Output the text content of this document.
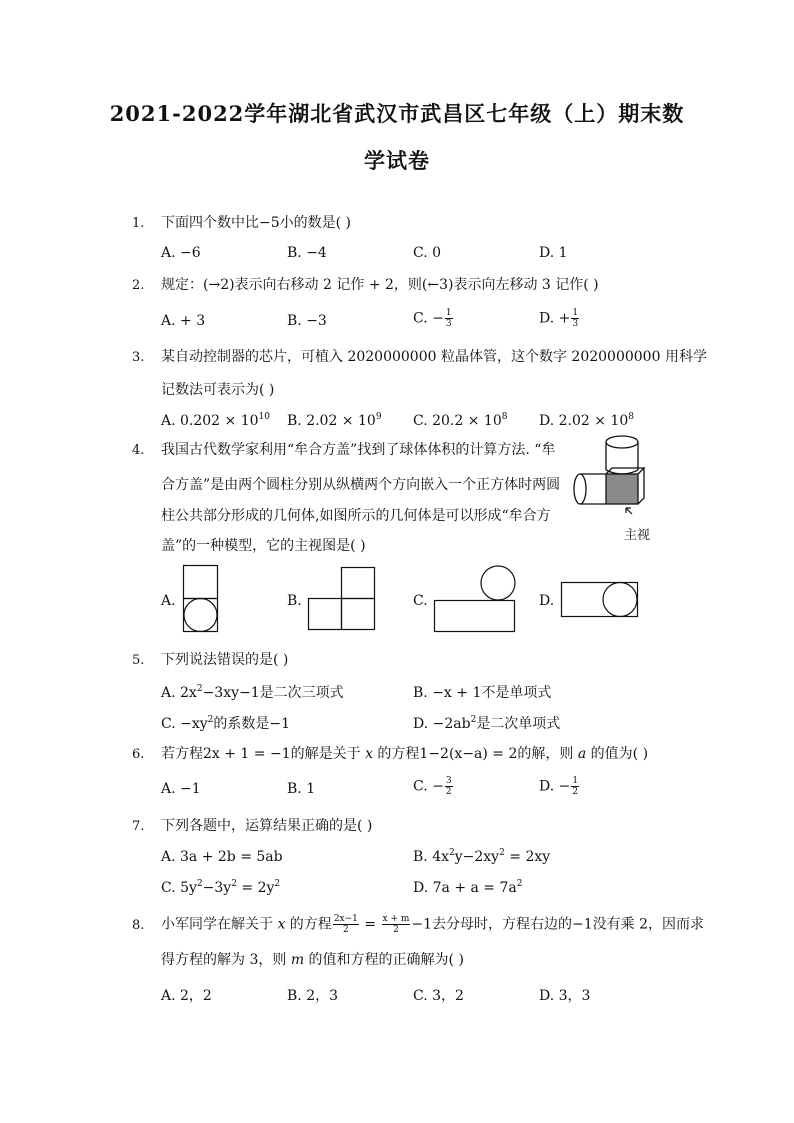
2021-2022学年湖北省武汉市武昌区七年级（上）期末数
学试卷
1. 下面四个数中比−5小的数是( )
A. −6	B. −4	C. 0	D. 1
2. 规定：(→2)表示向右移动 2 记作 + 2，则(←3)表示向左移动 3 记作( )
A. + 3	B. −3	C. − $\frac{1}{3}$	D. + $\frac{1}{3}$
3. 某自动控制器的芯片，可植入 2020000000 粒晶体管，这个数字 2020000000 用科学
记数法可表示为( )
A. $0.202 \times 10^{10}$ B. $2.02 \times 10^9$ C. $20.2 \times 10^8$ D. $2.02 \times 10^8$
4. 我国古代数学家利用“牟合方盖”找到了球体体积的计算方法. “牟
合方盖”是由两个圆柱分别从纵横两个方向嵌入一个正方体时两圆
柱公共部分形成的几何体,如图所示的几何体是可以形成“牟合方
盖”的一种模型，它的主视图是( )
主视
A.	B.	C.	D.
5. 下列说法错误的是( )
A. $2x^2-3xy-1$是二次三项式	B. −x + 1不是单项式
C. $-xy^2$的系数是−1	D. $-2ab^2$是二次单项式
6. 若方程2x + 1 = −1的解是关于 x 的方程1−2(x−a) = 2的解，则 a 的值为( )
A. −1	B. 1	C. − $\frac{3}{2}$	D. − $\frac{1}{2}$
7. 下列各题中，运算结果正确的是( )
A. 3a + 2b = 5ab	B. $4x^2y-2xy^2 = 2xy$
C. $5y^2-3y^2 = 2y^2$	D. $7a + a = 7a^2$
8. 小军同学在解关于 x 的方程 $\frac{2x-1}{2} = \frac{x + m}{2} -1$去分母时，方程右边的−1没有乘 2，因而求
得方程的解为 3，则 m 的值和方程的正确解为( )
A. 2，2	B. 2，3	C. 3，2	D. 3，3
